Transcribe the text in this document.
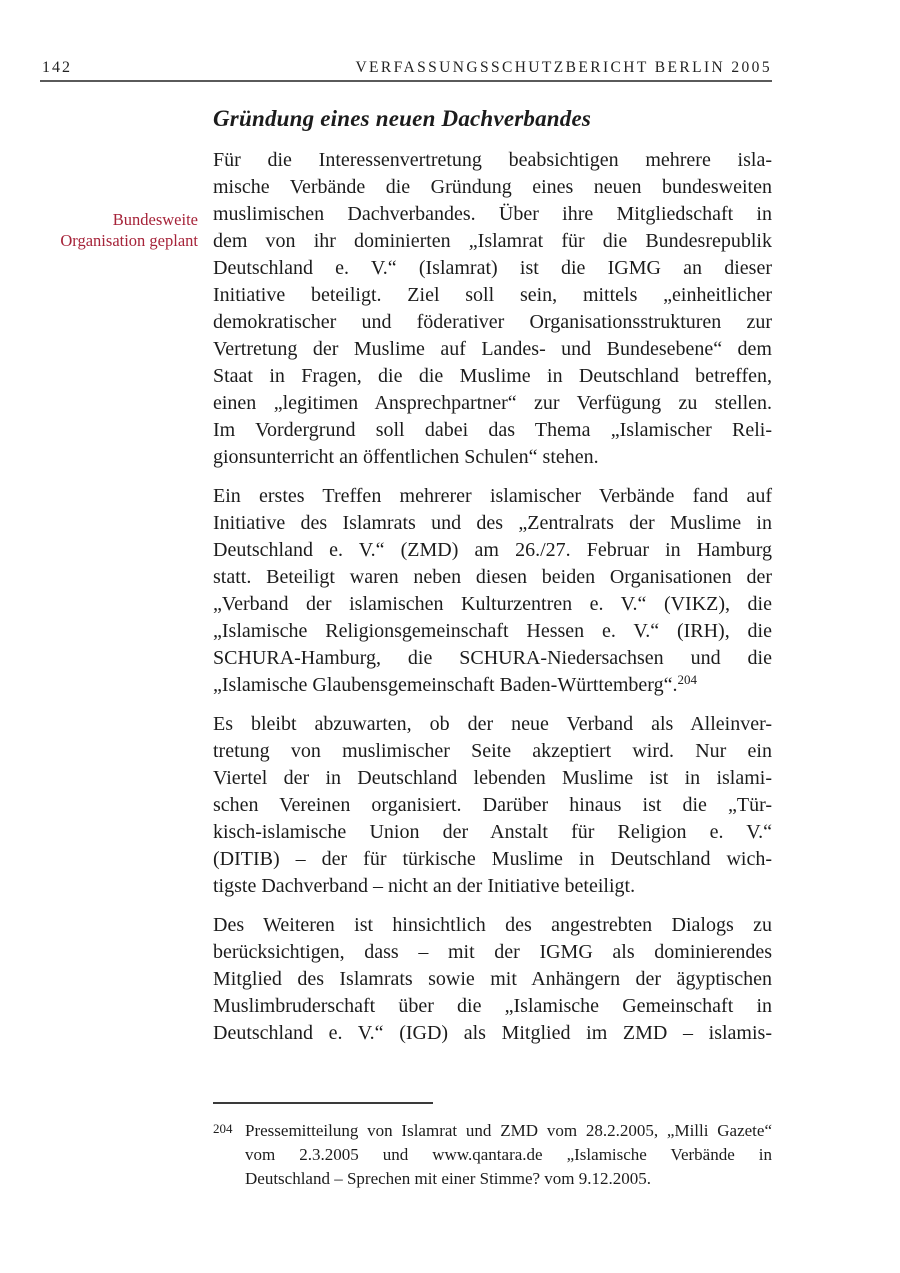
142	VERFASSUNGSSCHUTZBERICHT BERLIN 2005
Bundesweite
Organisation geplant
Gründung eines neuen Dachverbandes
Für die Interessenvertretung beabsichtigen mehrere isla-
mische Verbände die Gründung eines neuen bundesweiten
muslimischen Dachverbandes. Über ihre Mitgliedschaft in
dem von ihr dominierten „Islamrat für die Bundesrepublik
Deutschland e. V.“ (Islamrat) ist die IGMG an dieser
Initiative beteiligt. Ziel soll sein, mittels „einheitlicher
demokratischer und föderativer Organisationsstrukturen zur
Vertretung der Muslime auf Landes- und Bundesebene“ dem
Staat in Fragen, die die Muslime in Deutschland betreffen,
einen „legitimen Ansprechpartner“ zur Verfügung zu stellen.
Im Vordergrund soll dabei das Thema „Islamischer Reli-
gionsunterricht an öffentlichen Schulen“ stehen.
Ein erstes Treffen mehrerer islamischer Verbände fand auf
Initiative des Islamrats und des „Zentralrats der Muslime in
Deutschland e. V.“ (ZMD) am 26./27. Februar in Hamburg
statt. Beteiligt waren neben diesen beiden Organisationen der
„Verband der islamischen Kulturzentren e. V.“ (VIKZ), die
„Islamische Religionsgemeinschaft Hessen e. V.“ (IRH), die
SCHURA-Hamburg, die SCHURA-Niedersachsen und die
„Islamische Glaubensgemeinschaft Baden-Württemberg“.$^{204}$
Es bleibt abzuwarten, ob der neue Verband als Alleinver-
tretung von muslimischer Seite akzeptiert wird. Nur ein
Viertel der in Deutschland lebenden Muslime ist in islami-
schen Vereinen organisiert. Darüber hinaus ist die „Tür-
kisch-islamische Union der Anstalt für Religion e. V.“
(DITIB) – der für türkische Muslime in Deutschland wich-
tigste Dachverband – nicht an der Initiative beteiligt.
Des Weiteren ist hinsichtlich des angestrebten Dialogs zu
berücksichtigen, dass – mit der IGMG als dominierendes
Mitglied des Islamrats sowie mit Anhängern der ägyptischen
Muslimbruderschaft über die „Islamische Gemeinschaft in
Deutschland e. V.“ (IGD) als Mitglied im ZMD – islamis-
204 Pressemitteilung von Islamrat und ZMD vom 28.2.2005, „Milli Gazete“
vom 2.3.2005 und www.qantara.de „Islamische Verbände in
Deutschland – Sprechen mit einer Stimme? vom 9.12.2005.
